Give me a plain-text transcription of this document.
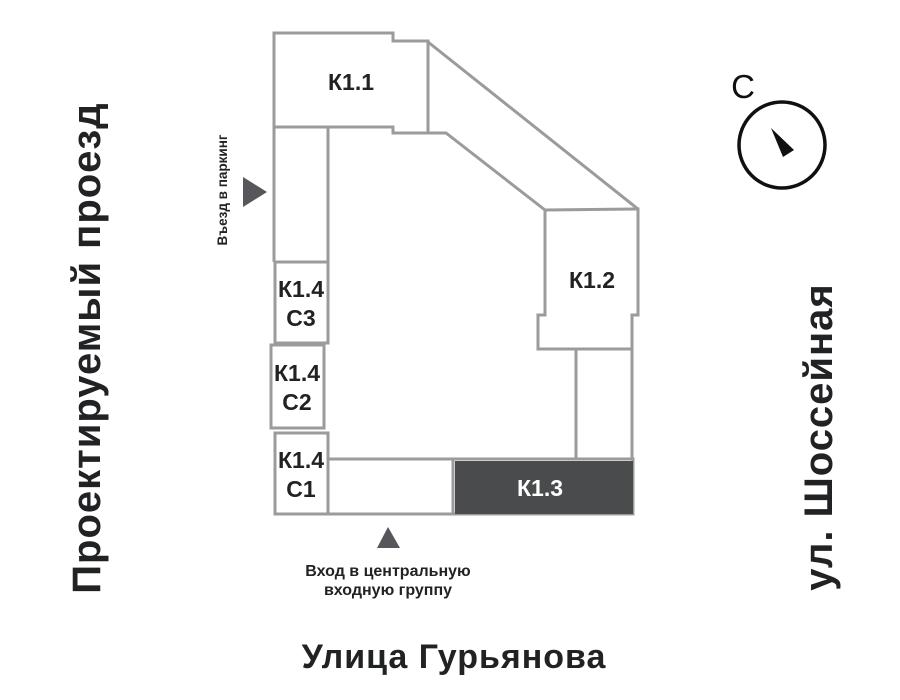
К1.1
К1.2
К1.3
К1.4
С3
К1.4
С2
К1.4
С1
Проектируемый проезд	ул. Шоссейная
Улица Гурьянова
Въезд в паркинг
Вход в центральную
входную группу
С
